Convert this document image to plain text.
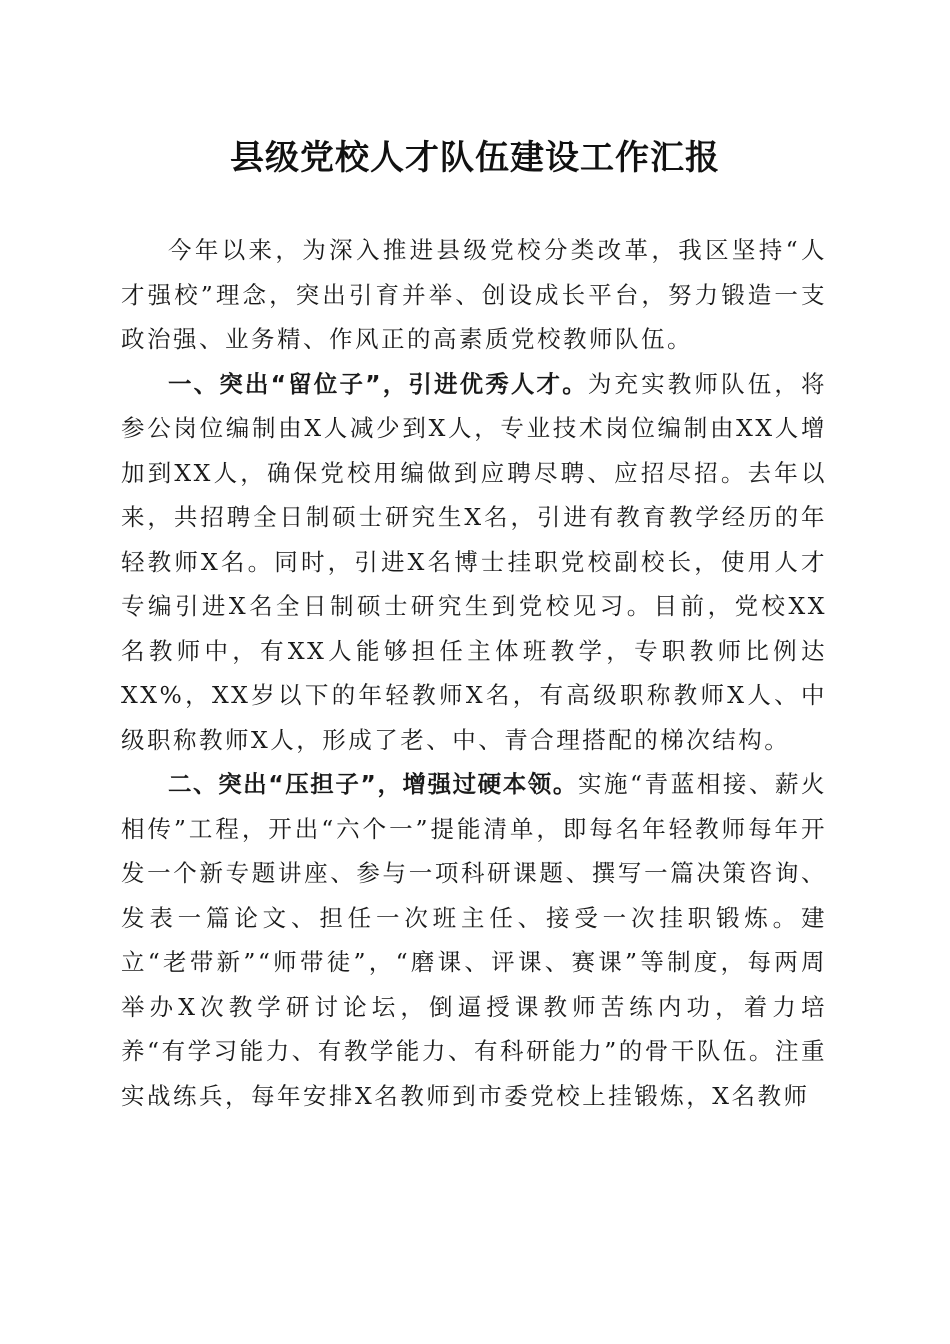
县级党校人才队伍建设工作汇报

今年以来，为深入推进县级党校分类改革，我区坚持“人才强校”理念，突出引育并举、创设成长平台，努力锻造一支政治强、业务精、作风正的高素质党校教师队伍。

一、突出“留位子”，引进优秀人才。为充实教师队伍，将参公岗位编制由X人减少到X人，专业技术岗位编制由XX人增加到XX人，确保党校用编做到应聘尽聘、应招尽招。去年以来，共招聘全日制硕士研究生X名，引进有教育教学经历的年轻教师X名。同时，引进X名博士挂职党校副校长，使用人才专编引进X名全日制硕士研究生到党校见习。目前，党校XX名教师中，有XX人能够担任主体班教学，专职教师比例达XX%，XX岁以下的年轻教师X名，有高级职称教师X人、中级职称教师X人，形成了老、中、青合理搭配的梯次结构。

二、突出“压担子”，增强过硬本领。实施“青蓝相接、薪火相传”工程，开出“六个一”提能清单，即每名年轻教师每年开发一个新专题讲座、参与一项科研课题、撰写一篇决策咨询、发表一篇论文、担任一次班主任、接受一次挂职锻炼。建立“老带新”“师带徒”，“磨课、评课、赛课”等制度，每两周举办X次教学研讨论坛，倒逼授课教师苦练内功，着力培养“有学习能力、有教学能力、有科研能力”的骨干队伍。注重实战练兵，每年安排X名教师到市委党校上挂锻炼，X名教师
